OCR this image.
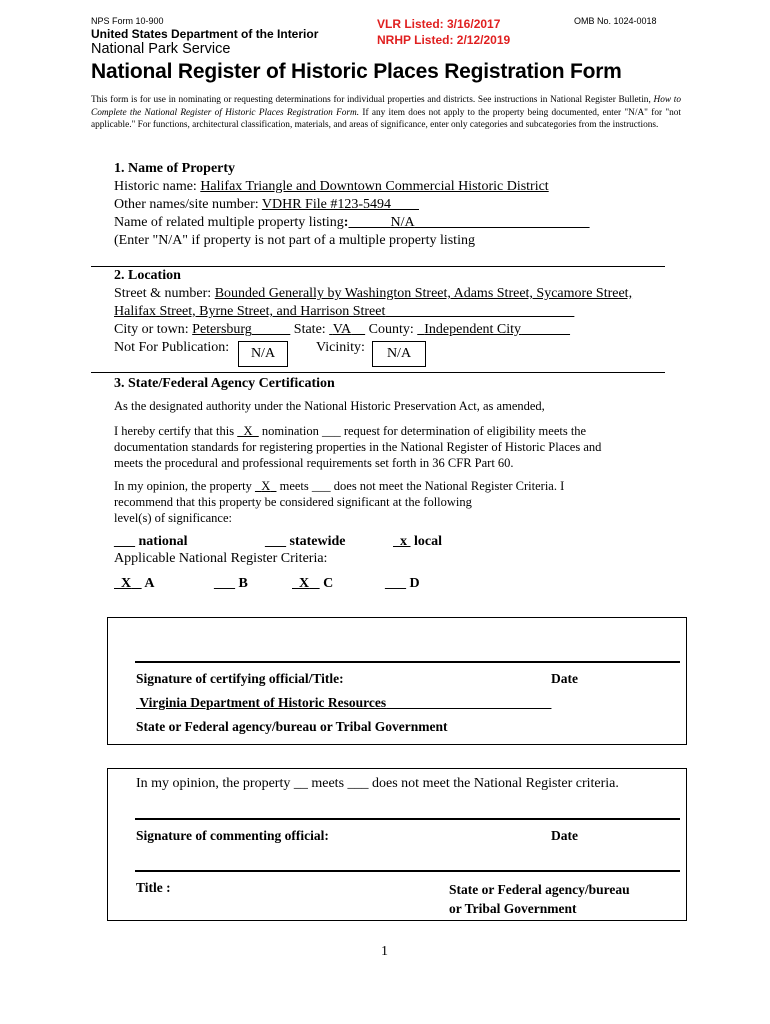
NPS Form 10-900
United States Department of the Interior
National Park Service
VLR Listed: 3/16/2017
NRHP Listed: 2/12/2019
OMB No. 1024-0018
National Register of Historic Places Registration Form
This form is for use in nominating or requesting determinations for individual properties and districts. See instructions in National Register Bulletin, How to Complete the National Register of Historic Places Registration Form. If any item does not apply to the property being documented, enter "N/A" for "not applicable." For functions, architectural classification, materials, and areas of significance, enter only categories and subcategories from the instructions.
1. Name of Property
Historic name: Halifax Triangle and Downtown Commercial Historic District
Other names/site number: VDHR File #123-5494
Name of related multiple property listing:	N/A
(Enter "N/A" if property is not part of a multiple property listing
2. Location
Street & number: Bounded Generally by Washington Street, Adams Street, Sycamore Street,
Halifax Street, Byrne Street, and Harrison Street
City or town: Petersburg	State:  VA County:   Independent City
Not For Publication:	N/A	Vicinity:	N/A
3. State/Federal Agency Certification
As the designated authority under the National Historic Preservation Act, as amended,
I hereby certify that this   X   nomination ___ request for determination of eligibility meets the
documentation standards for registering properties in the National Register of Historic Places and
meets the procedural and professional requirements set forth in 36 CFR Part 60.
In my opinion, the property   X   meets ___ does not meet the National Register Criteria. I
recommend that this property be considered significant at the following
level(s) of significance:
___ national	___ statewide	x  local
Applicable National Register Criteria:
X A	___ B	X C	___ D
Signature of certifying official/Title:	Date
Virginia Department of Historic Resources
State or Federal agency/bureau or Tribal Government
In my opinion, the property __ meets ___ does not meet the National Register criteria.
Signature of commenting official:	Date
Title :	State or Federal agency/bureau
or Tribal Government
1
